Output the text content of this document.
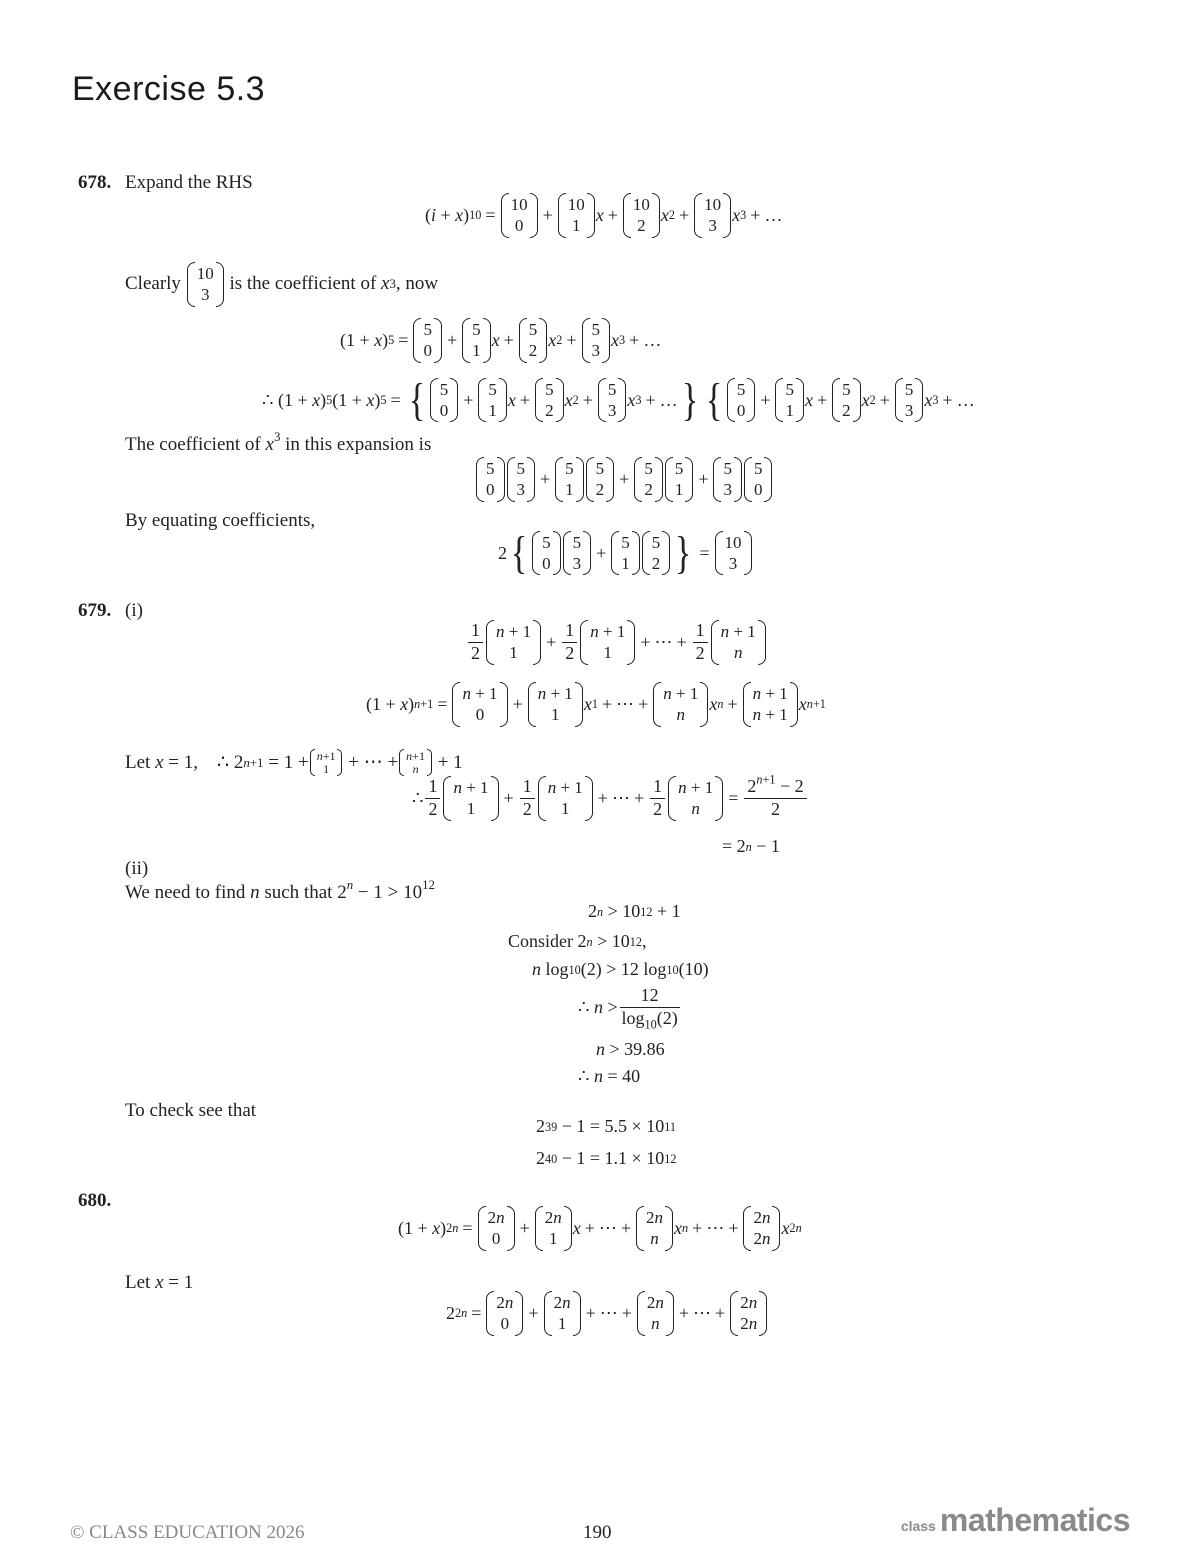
Exercise 5.3
678. Expand the RHS
( i + x ) 10 =
10
0
+
10
1
x +
10
2
x 2 +
10
3
x 3 + …
Clearly
10
3

is the coefficient of
x 3 , now
(1 + x ) 5 =
5
0
+
5
1
x +
5
2
x 2 +
5
3
x 3 + …
∴ (1 + x ) 5 (1 + x ) 5 = { 5
0
+
5
1
x +
5
2
x 2 +
5
3
x 3 + … } { 5
0
+
5
1
x +
5
2
x 2 +
5
3
x 3 + …
The coefficient of $x^3$ in this expansion is
5
0
5
3
+
5
1
5
2
+
5
2
5
1
+
5
3
5
0
By equating coefficients,
2 { 5
0
5
3
+
5
1
5
2 } =
10
3
679. (i)
1
2
n + 1
1
+ $\frac{1}{2}$ n + 1
1
+ ⋯ + $\frac{1}{2}$ n + 1
n
(1 + x ) n+1 =
n + 1
0
+
n + 1
1
x 1 + ⋯ +
n + 1
n
x n +
n + 1
n + 1
x n+1
Let
x = 1,    ∴ 2 n+1 = 1 + n+1
1 + ⋯ + n+1
n + 1
∴
1
2
n + 1
1
+ $\frac{1}{2}$ n + 1
1
+ ⋯ + $\frac{1}{2}$ n + 1
n
= $\frac{2^{n+1} - 2}{2}$
= 2 n − 1
(ii)
We need to find n such that $2^n - 1 > 10^{12}$
2 n > 10 12 + 1
Consider 2 n > 10 12 ,
n log 10 (2) > 12 log 10 (10)
∴ n >
12
$\log_{10}(2)$
n > 39.86
∴ n = 40
To check see that
2 39 − 1 = 5.5 × 10 11
2 40 − 1 = 1.1 × 10 12
680.
(1 + x ) 2n =
2n
0
+
2n
1
x + ⋯ +
2n
n
x n + ⋯ +
2n
2n
x 2n
Let x = 1
2 2n =
2n
0
+
2n
1
+ ⋯ +
2n
n
+ ⋯ +
2n
2n
© CLASS EDUCATION 2026	190	class mathematics
